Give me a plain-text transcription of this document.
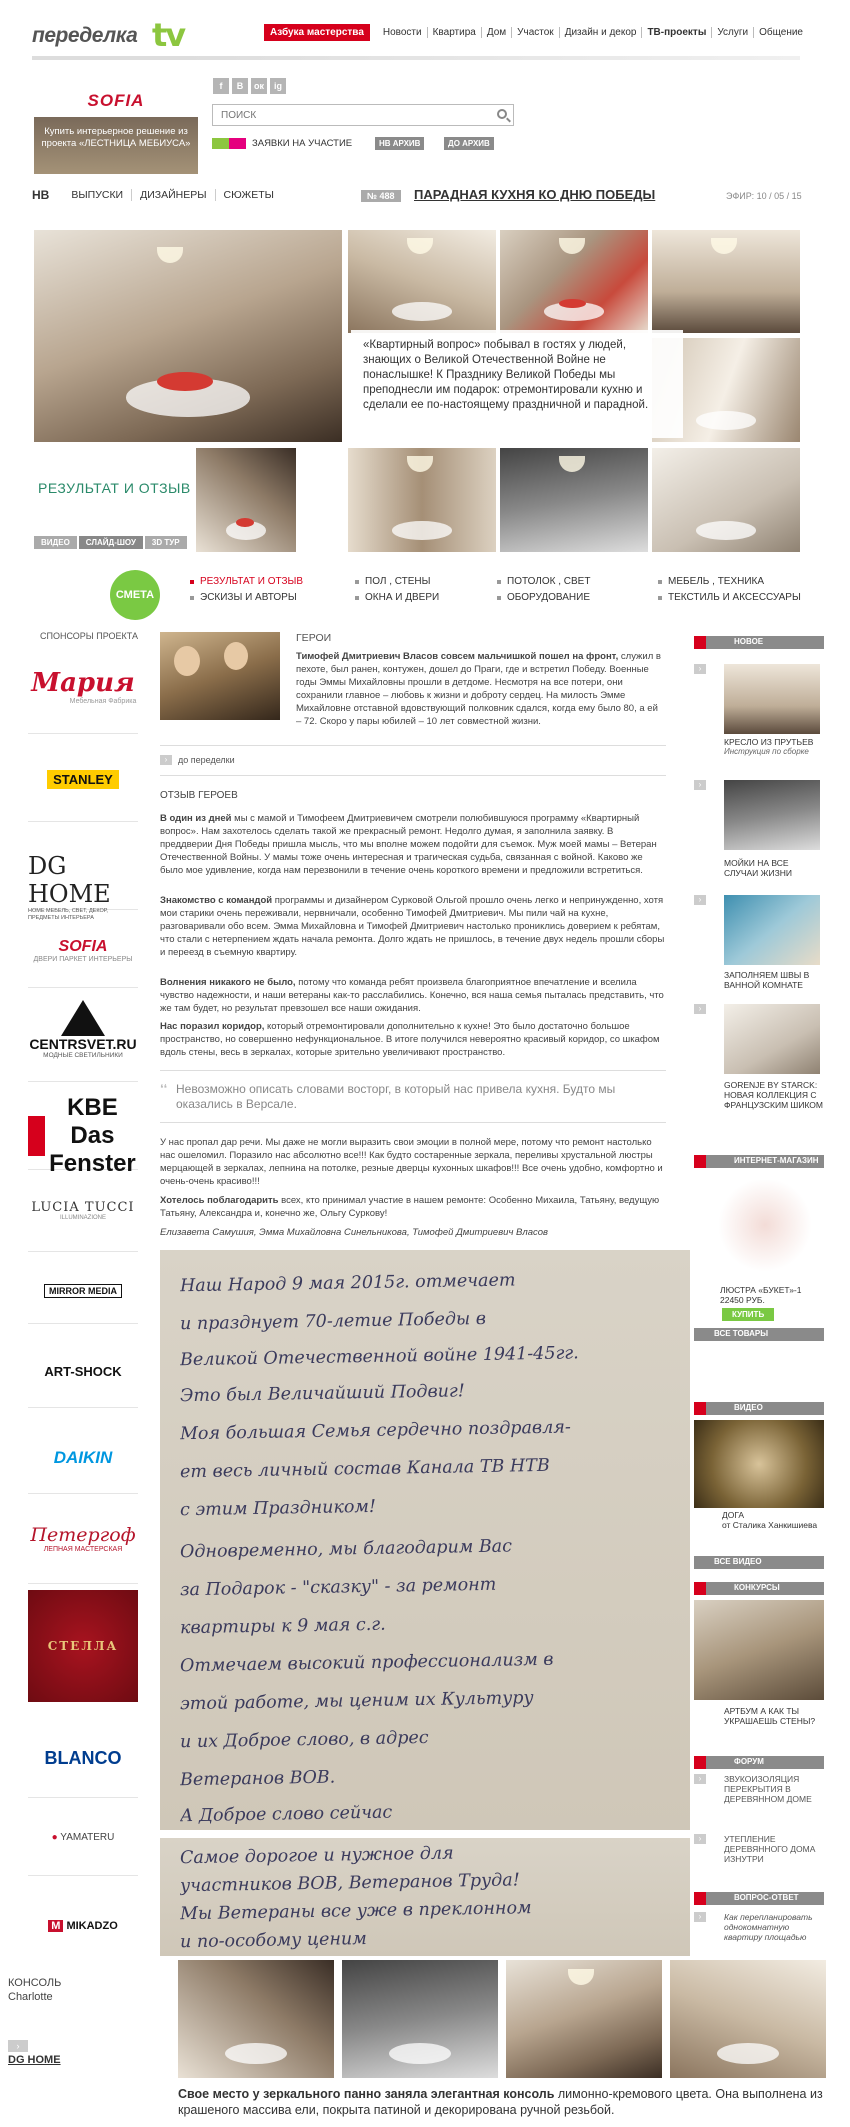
переделка tv	Азбука мастерства	Новости	Квартира	Дом	Участок	Дизайн и декор	ТВ-проекты	Услуги	Общение
SOFIA
Купить интерьерное решение из проекта «ЛЕСТНИЦА МЕБИУСА»
f	В	ок	ig
ПОИСК
ЗАЯВКИ НА УЧАСТИЕ	НВ АРХИВ	ДО АРХИВ
НВ	ВЫПУСКИ	ДИЗАЙНЕРЫ	СЮЖЕТЫ	№ 488	ПАРАДНАЯ КУХНЯ КО ДНЮ ПОБЕДЫ	ЭФИР: 10 / 05 / 15

«Квартирный вопрос» побывал в гостях у людей, знающих о Великой Отечественной Войне не понаслышке! К Празднику Великой Победы мы преподнесли им подарок: отремонтировали кухню и сделали ее по-настоящему праздничной и парадной.

РЕЗУЛЬТАТ И ОТЗЫВ
ВИДЕО	СЛАЙД-ШОУ	3D ТУР
СМЕТА
РЕЗУЛЬТАТ И ОТЗЫВ	ПОЛ , СТЕНЫ	ПОТОЛОК , СВЕТ	МЕБЕЛЬ , ТЕХНИКА
ЭСКИЗЫ И АВТОРЫ	ОКНА И ДВЕРИ	ОБОРУДОВАНИЕ	ТЕКСТИЛЬ И АКСЕССУАРЫ
СПОНСОРЫ ПРОЕКТА
Мария
Мебельная Фабрика
STANLEY
DG HOME
HOME МЕБЕЛЬ, СВЕТ, ДЕКОР, ПРЕДМЕТЫ ИНТЕРЬЕРА
SOFIA
ДВЕРИ ПАРКЕТ ИНТЕРЬЕРЫ
CENTRSVET.RU
МОДНЫЕ СВЕТИЛЬНИКИ
KBE Das Fenster
LUCIA TUCCI
ILLUMINAZIONE
MIRROR MEDIA
ART-SHOCK
DAIKIN
Петергоф
ЛЕПНАЯ МАСТЕРСКАЯ
СТЕЛЛА
BLANCO
● YAMATERU
M MIKADZO
ГЕРОИ
Тимофей Дмитриевич Власов совсем мальчишкой пошел на фронт, служил в пехоте, был ранен, контужен, дошел до Праги, где и встретил Победу. Военные годы Эммы Михайловны прошли в детдоме. Несмотря на все потери, они сохранили главное – любовь к жизни и доброту сердец. На милость Эмме Михайловне отставной вдовствующий полковник сдался, когда ему было 80, а ей – 72. Скоро у пары юбилей – 10 лет совместной жизни.
›	до переделки
ОТЗЫВ ГЕРОЕВ
В один из дней мы с мамой и Тимофеем Дмитриевичем смотрели полюбившуюся программу «Квартирный вопрос». Нам захотелось сделать такой же прекрасный ремонт. Недолго думая, я заполнила заявку. В преддверии Дня Победы пришла мысль, что мы вполне можем подойти для съемок. Муж моей мамы – Ветеран Отечественной Войны. У мамы тоже очень интересная и трагическая судьба, связанная с войной. Каково же было мое удивление, когда нам перезвонили в течение очень короткого времени и предложили встретиться.
Знакомство с командой программы и дизайнером Сурковой Ольгой прошло очень легко и непринужденно, хотя мои старики очень переживали, нервничали, особенно Тимофей Дмитриевич. Мы пили чай на кухне, разговаривали обо всем. Эмма Михайловна и Тимофей Дмитриевич настолько прониклись доверием к ребятам, что стали с нетерпением ждать начала ремонта. Долго ждать не пришлось, в течение двух недель прошли сборы и переезд в съемную квартиру.
Волнения никакого не было, потому что команда ребят произвела благоприятное впечатление и вселила чувство надежности, и наши ветераны как-то расслабились. Конечно, вся наша семья пыталась представить, что же там будет, но результат превзошел все наши ожидания.
Нас поразил коридор, который отремонтировали дополнительно к кухне! Это было достаточно большое пространство, но совершенно нефункциональное. В итоге получился невероятно красивый коридор, со шкафом вдоль стены, весь в зеркалах, которые зрительно увеличивают пространство.
❛❛ Невозможно описать словами восторг, в который нас привела кухня. Будто мы оказались в Версале.
У нас пропал дар речи. Мы даже не могли выразить свои эмоции в полной мере, потому что ремонт настолько нас ошеломил. Поразило нас абсолютно все!!! Как будто состаренные зеркала, переливы хрустальной люстры мерцающей в зеркалах, лепнина на потолке, резные дверцы кухонных шкафов!!! Все очень удобно, комфортно и очень-очень красиво!!!
Хотелось поблагодарить всех, кто принимал участие в нашем ремонте: Особенно Михаила, Татьяну, ведущую Татьяну, Александра и, конечно же, Ольгу Суркову!
Елизавета Самушия, Эмма Михайловна Синельникова, Тимофей Дмитриевич Власов
Наш Народ 9 мая 2015г. отмечает
и празднует 70-летие Победы в
Великой Отечественной войне 1941-45гг.
Это был Величайший Подвиг!
Моя большая Семья сердечно поздравля-
ет весь личный состав Канала ТВ НТВ
с этим Праздником!
Одновременно, мы благодарим Вас
за Подарок - "сказку" - за ремонт
квартиры к 9 мая с.г.
Отмечаем высокий профессионализм в
этой работе, мы ценим их Культуру
и их Доброе слово, в адрес
Ветеранов ВОВ.
А Доброе слово сейчас
Самое дорогое и нужное для
участников ВОВ, Ветеранов Труда!
Мы Ветераны все уже в преклонном
и по-особому ценим
НОВОЕ
›
КРЕСЛО ИЗ ПРУТЬЕВ
Инструкция по сборке
›
МОЙКИ НА ВСЕ СЛУЧАИ ЖИЗНИ
›
ЗАПОЛНЯЕМ ШВЫ В ВАННОЙ КОМНАТЕ
›
GORENJE BY STARCK: НОВАЯ КОЛЛЕКЦИЯ С ФРАНЦУЗСКИМ ШИКОМ
ИНТЕРНЕТ-МАГАЗИН
ЛЮСТРА «БУКЕТ»-1
22450 РУБ.
КУПИТЬ
ВСЕ ТОВАРЫ
ВИДЕО
ДОГА
от Сталика Ханкишиева
ВСЕ ВИДЕО
КОНКУРСЫ
АРТБУМ А КАК ТЫ УКРАШАЕШЬ СТЕНЫ?
ФОРУМ
ЗВУКОИЗОЛЯЦИЯ ПЕРЕКРЫТИЯ В ДЕРЕВЯННОМ ДОМЕ
УТЕПЛЕНИЕ ДЕРЕВЯННОГО ДОМА ИЗНУТРИ
›
›
ВОПРОС-ОТВЕТ
Как перепланировать однокомнатную квартиру площадью
›
КОНСОЛЬ
Charlotte
›
DG HOME
Свое место у зеркального панно заняла элегантная консоль лимонно-кремового цвета. Она выполнена из крашеного массива ели, покрыта патиной и декорирована ручной резьбой.
